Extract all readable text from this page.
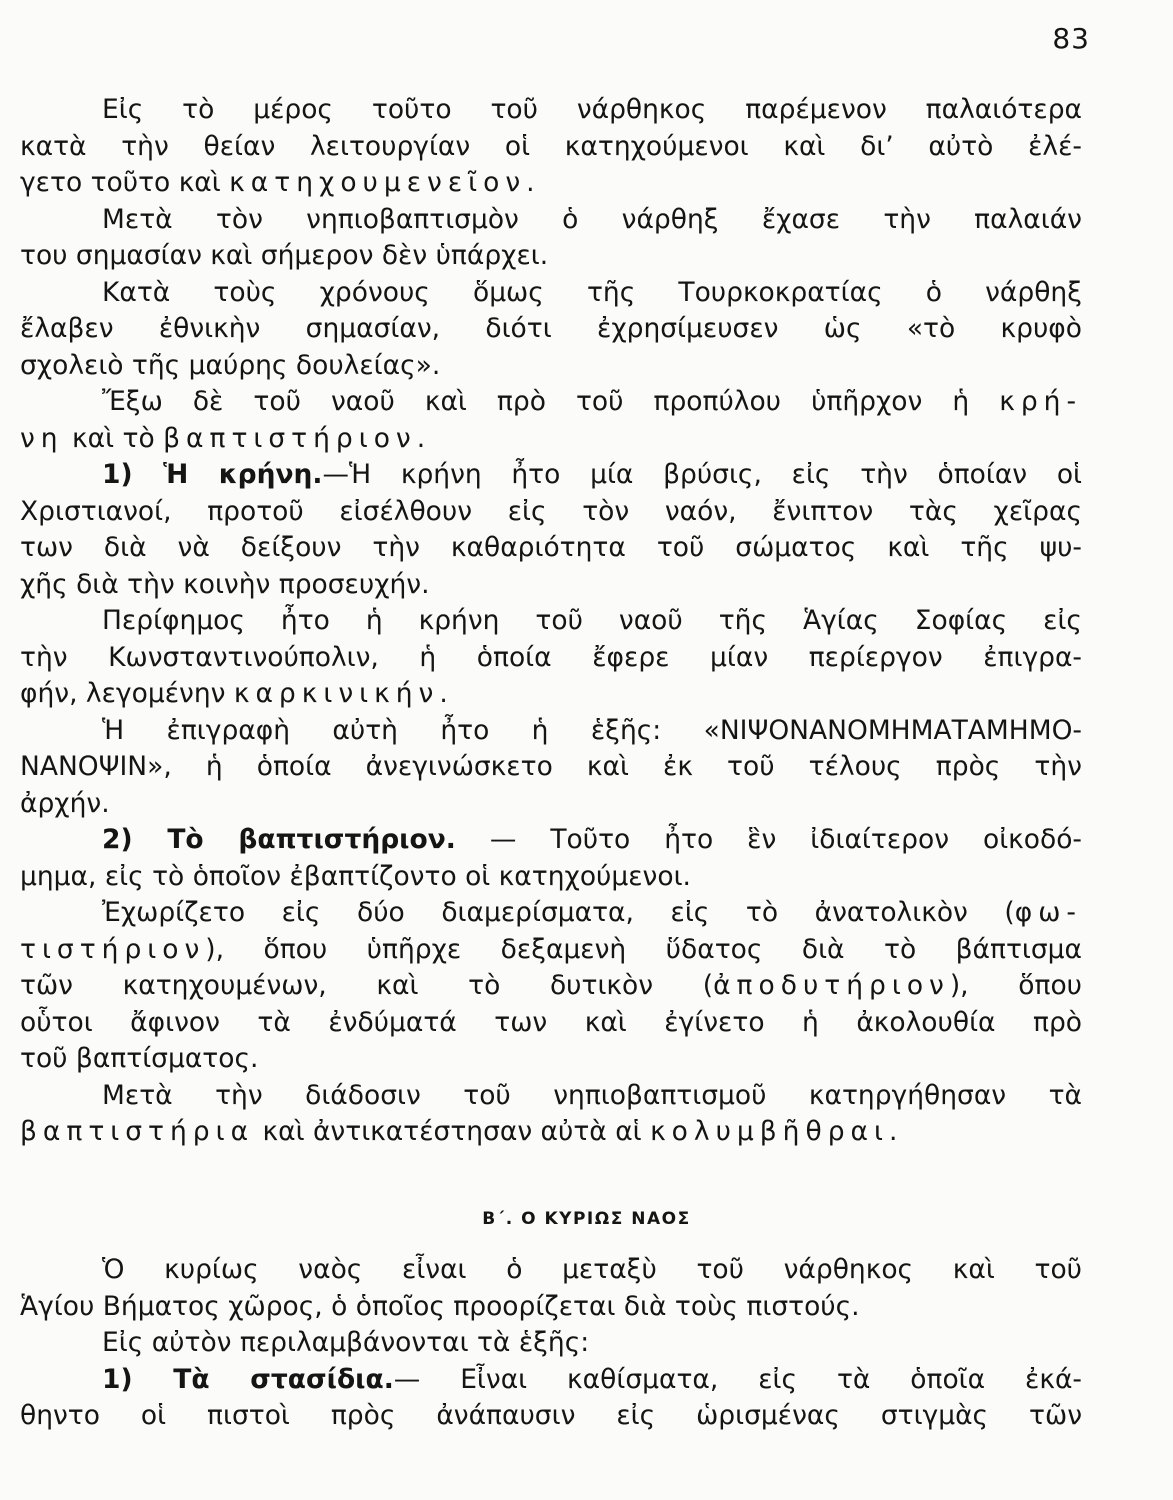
83
Εἰς τὸ μέρος τοῦτο τοῦ νάρθηκος παρέμενον παλαιότερα
κατὰ τὴν θείαν λειτουργίαν οἱ κατηχούμενοι καὶ δι’ αὐτὸ ἐλέ-
γετο τοῦτο καὶ κατηχουμενεῖον.
Μετὰ τὸν νηπιοβαπτισμὸν ὁ νάρθηξ ἔχασε τὴν παλαιάν
του σημασίαν καὶ σήμερον δὲν ὑπάρχει.
Κατὰ τοὺς χρόνους ὅμως τῆς Τουρκοκρατίας ὁ νάρθηξ
ἔλαβεν ἐθνικὴν σημασίαν, διότι ἐχρησίμευσεν ὡς «τὸ κρυφὸ
σχολειὸ τῆς μαύρης δουλείας».
Ἔξω δὲ τοῦ ναοῦ καὶ πρὸ τοῦ προπύλου ὑπῆρχον ἡ κρή-
νη καὶ τὸ βαπτιστήριον.
1) Ἡ κρήνη.—Ἡ κρήνη ἦτο μία βρύσις, εἰς τὴν ὁποίαν οἱ
Χριστιανοί, προτοῦ εἰσέλθουν εἰς τὸν ναόν, ἔνιπτον τὰς χεῖρας
των διὰ νὰ δείξουν τὴν καθαριότητα τοῦ σώματος καὶ τῆς ψυ-
χῆς διὰ τὴν κοινὴν προσευχήν.
Περίφημος ἦτο ἡ κρήνη τοῦ ναοῦ τῆς Ἁγίας Σοφίας εἰς
τὴν Κωνσταντινούπολιν, ἡ ὁποία ἔφερε μίαν περίεργον ἐπιγρα-
φήν, λεγομένην καρκινικήν.
Ἡ ἐπιγραφὴ αὐτὴ ἦτο ἡ ἑξῆς: «ΝΙΨΟΝΑΝΟΜΗΜΑΤΑΜΗΜΟ-
ΝΑΝΟΨΙΝ», ἡ ὁποία ἀνεγινώσκετο καὶ ἐκ τοῦ τέλους πρὸς τὴν
ἀρχήν.
2) Τὸ βαπτιστήριον. — Τοῦτο ἦτο ἓν ἰδιαίτερον οἰκοδό-
μημα, εἰς τὸ ὁποῖον ἐβαπτίζοντο οἱ κατηχούμενοι.
Ἐχωρίζετο εἰς δύο διαμερίσματα, εἰς τὸ ἀνατολικὸν (φω-
τιστήριον), ὅπου ὑπῆρχε δεξαμενὴ ὕδατος διὰ τὸ βάπτισμα
τῶν κατηχουμένων, καὶ τὸ δυτικὸν (ἀποδυτήριον), ὅπου
οὗτοι ἄφινον τὰ ἐνδύματά των καὶ ἐγίνετο ἡ ἀκολουθία πρὸ
τοῦ βαπτίσματος.
Μετὰ τὴν διάδοσιν τοῦ νηπιοβαπτισμοῦ κατηργήθησαν τὰ
βαπτιστήρια καὶ ἀντικατέστησαν αὐτὰ αἱ κολυμβῆθραι.
Β΄. Ο ΚΥΡΙΩΣ ΝΑΟΣ
Ὁ κυρίως ναὸς εἶναι ὁ μεταξὺ τοῦ νάρθηκος καὶ τοῦ
Ἁγίου Βήματος χῶρος, ὁ ὁποῖος προορίζεται διὰ τοὺς πιστούς.
Εἰς αὐτὸν περιλαμβάνονται τὰ ἑξῆς:
1) Τὰ στασίδια.— Εἶναι καθίσματα, εἰς τὰ ὁποῖα ἐκά-
θηντο οἱ πιστοὶ πρὸς ἀνάπαυσιν εἰς ὡρισμένας στιγμὰς τῶν
